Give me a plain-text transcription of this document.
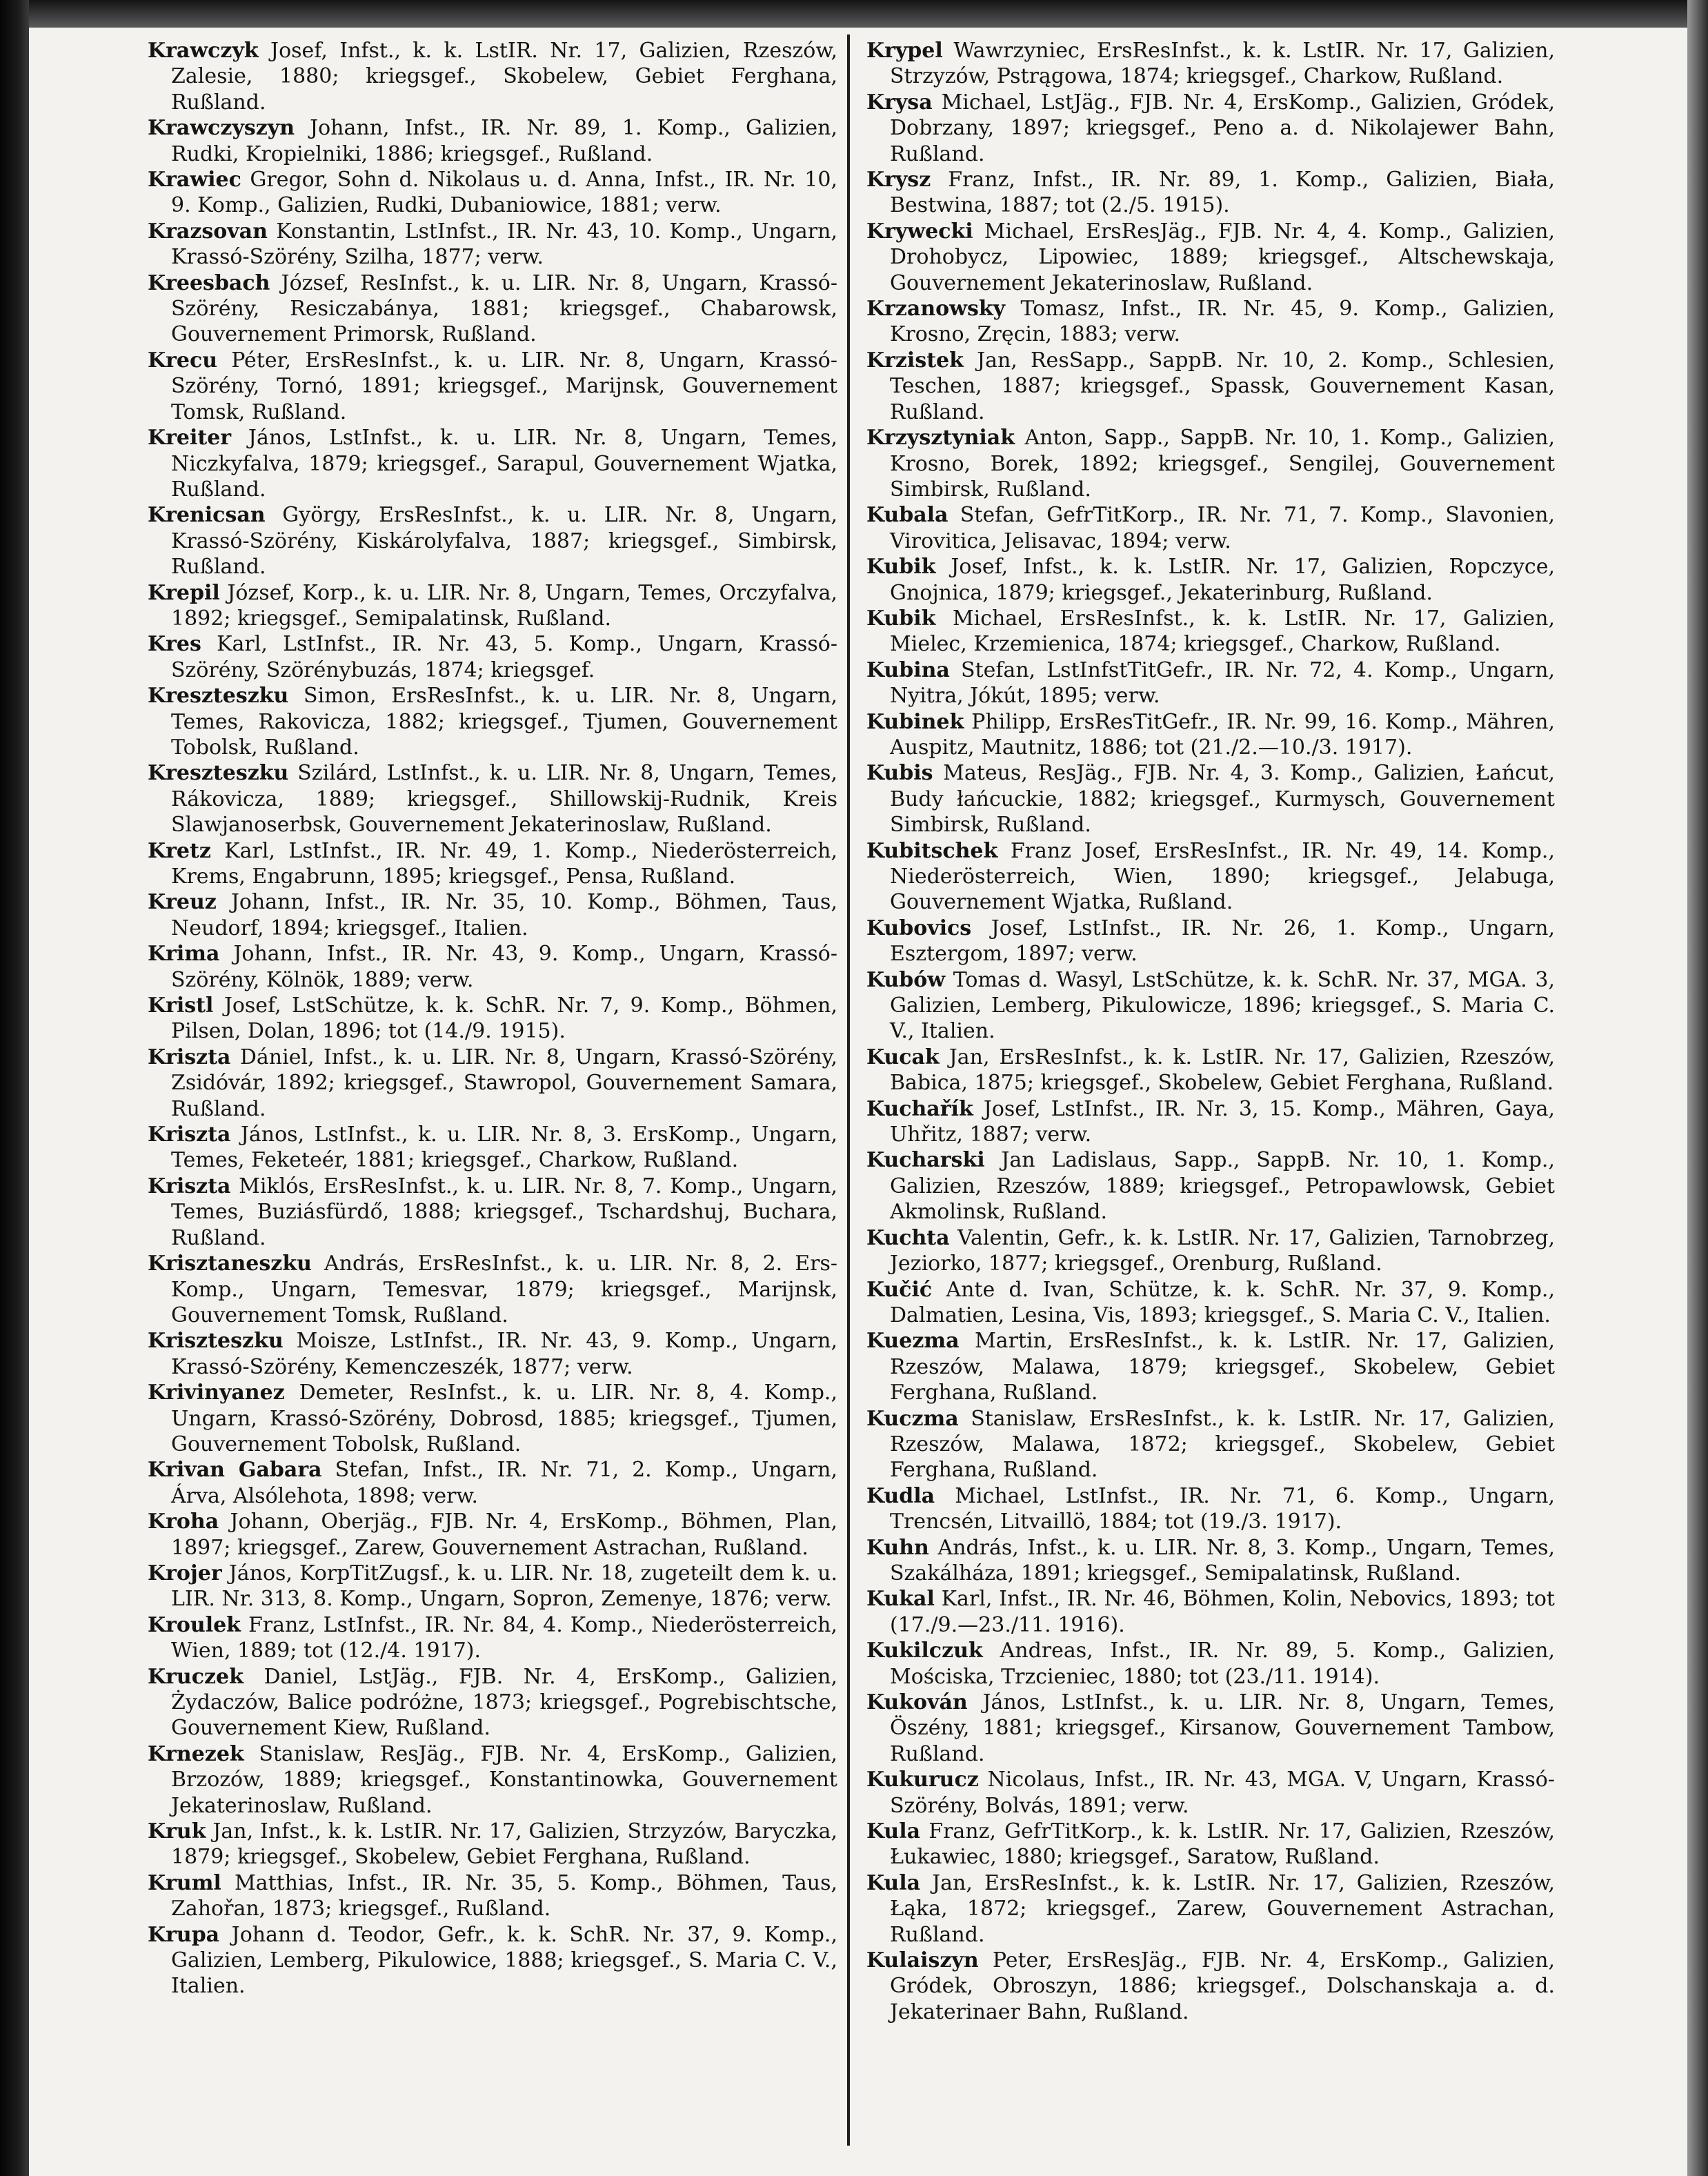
Krawczyk Josef, Infst., k. k. LstIR. Nr. 17, Galizien, Rzeszów, Zalesie, 1880; kriegsgef., Skobelew, Gebiet Ferghana, Rußland.

Krawczyszyn Johann, Infst., IR. Nr. 89, 1. Komp., Galizien, Rudki, Kropielniki, 1886; kriegsgef., Rußland.

Krawiec Gregor, Sohn d. Nikolaus u. d. Anna, Infst., IR. Nr. 10, 9. Komp., Galizien, Rudki, Dubaniowice, 1881; verw.

Krazsovan Konstantin, LstInfst., IR. Nr. 43, 10. Komp., Ungarn, Krassó-Szörény, Szilha, 1877; verw.

Kreesbach József, ResInfst., k. u. LIR. Nr. 8, Ungarn, Krassó-Szörény, Resiczabánya, 1881; kriegsgef., Chabarowsk, Gouvernement Primorsk, Rußland.

Krecu Péter, ErsResInfst., k. u. LIR. Nr. 8, Ungarn, Krassó-Szörény, Tornó, 1891; kriegsgef., Marijnsk, Gouvernement Tomsk, Rußland.

Kreiter János, LstInfst., k. u. LIR. Nr. 8, Ungarn, Temes, Niczkyfalva, 1879; kriegsgef., Sarapul, Gouvernement Wjatka, Rußland.

Krenicsan György, ErsResInfst., k. u. LIR. Nr. 8, Ungarn, Krassó-Szörény, Kiskárolyfalva, 1887; kriegsgef., Simbirsk, Rußland.

Krepil József, Korp., k. u. LIR. Nr. 8, Ungarn, Temes, Orczyfalva, 1892; kriegsgef., Semipalatinsk, Rußland.

Kres Karl, LstInfst., IR. Nr. 43, 5. Komp., Ungarn, Krassó-Szörény, Szörénybuzás, 1874; kriegsgef.

Kreszteszku Simon, ErsResInfst., k. u. LIR. Nr. 8, Ungarn, Temes, Rakovicza, 1882; kriegsgef., Tjumen, Gouvernement Tobolsk, Rußland.

Kreszteszku Szilárd, LstInfst., k. u. LIR. Nr. 8, Ungarn, Temes, Rákovicza, 1889; kriegsgef., Shillowskij-Rudnik, Kreis Slawjanoserbsk, Gouvernement Jekaterinoslaw, Rußland.

Kretz Karl, LstInfst., IR. Nr. 49, 1. Komp., Niederösterreich, Krems, Engabrunn, 1895; kriegsgef., Pensa, Rußland.

Kreuz Johann, Infst., IR. Nr. 35, 10. Komp., Böhmen, Taus, Neudorf, 1894; kriegsgef., Italien.

Krima Johann, Infst., IR. Nr. 43, 9. Komp., Ungarn, Krassó-Szörény, Kölnök, 1889; verw.

Kristl Josef, LstSchütze, k. k. SchR. Nr. 7, 9. Komp., Böhmen, Pilsen, Dolan, 1896; tot (14./9. 1915).

Kriszta Dániel, Infst., k. u. LIR. Nr. 8, Ungarn, Krassó-Szörény, Zsidóvár, 1892; kriegsgef., Stawropol, Gouvernement Samara, Rußland.

Kriszta János, LstInfst., k. u. LIR. Nr. 8, 3. ErsKomp., Ungarn, Temes, Feketeér, 1881; kriegsgef., Charkow, Rußland.

Kriszta Miklós, ErsResInfst., k. u. LIR. Nr. 8, 7. Komp., Ungarn, Temes, Buziásfürdő, 1888; kriegsgef., Tschardshuj, Buchara, Rußland.

Krisztaneszku András, ErsResInfst., k. u. LIR. Nr. 8, 2. Ers-Komp., Ungarn, Temesvar, 1879; kriegsgef., Marijnsk, Gouvernement Tomsk, Rußland.

Kriszteszku Moisze, LstInfst., IR. Nr. 43, 9. Komp., Ungarn, Krassó-Szörény, Kemenczeszék, 1877; verw.

Krivinyanez Demeter, ResInfst., k. u. LIR. Nr. 8, 4. Komp., Ungarn, Krassó-Szörény, Dobrosd, 1885; kriegsgef., Tjumen, Gouvernement Tobolsk, Rußland.

Krivan Gabara Stefan, Infst., IR. Nr. 71, 2. Komp., Ungarn, Árva, Alsólehota, 1898; verw.

Kroha Johann, Oberjäg., FJB. Nr. 4, ErsKomp., Böhmen, Plan, 1897; kriegsgef., Zarew, Gouvernement Astrachan, Rußland.

Krojer János, KorpTitZugsf., k. u. LIR. Nr. 18, zugeteilt dem k. u. LIR. Nr. 313, 8. Komp., Ungarn, Sopron, Zemenye, 1876; verw.

Kroulek Franz, LstInfst., IR. Nr. 84, 4. Komp., Niederösterreich, Wien, 1889; tot (12./4. 1917).

Kruczek Daniel, LstJäg., FJB. Nr. 4, ErsKomp., Galizien, Żydaczów, Balice podróżne, 1873; kriegsgef., Pogrebischtsche, Gouvernement Kiew, Rußland.

Krnezek Stanislaw, ResJäg., FJB. Nr. 4, ErsKomp., Galizien, Brzozów, 1889; kriegsgef., Konstantinowka, Gouvernement Jekaterinoslaw, Rußland.

Kruk Jan, Infst., k. k. LstIR. Nr. 17, Galizien, Strzyzów, Baryczka, 1879; kriegsgef., Skobelew, Gebiet Ferghana, Rußland.

Kruml Matthias, Infst., IR. Nr. 35, 5. Komp., Böhmen, Taus, Zahořan, 1873; kriegsgef., Rußland.

Krupa Johann d. Teodor, Gefr., k. k. SchR. Nr. 37, 9. Komp., Galizien, Lemberg, Pikulowice, 1888; kriegsgef., S. Maria C. V., Italien.

Krypel Wawrzyniec, ErsResInfst., k. k. LstIR. Nr. 17, Galizien, Strzyzów, Pstrągowa, 1874; kriegsgef., Charkow, Rußland.

Krysa Michael, LstJäg., FJB. Nr. 4, ErsKomp., Galizien, Gródek, Dobrzany, 1897; kriegsgef., Peno a. d. Nikolajewer Bahn, Rußland.

Krysz Franz, Infst., IR. Nr. 89, 1. Komp., Galizien, Biała, Bestwina, 1887; tot (2./5. 1915).

Krywecki Michael, ErsResJäg., FJB. Nr. 4, 4. Komp., Galizien, Drohobycz, Lipowiec, 1889; kriegsgef., Altschewskaja, Gouvernement Jekaterinoslaw, Rußland.

Krzanowsky Tomasz, Infst., IR. Nr. 45, 9. Komp., Galizien, Krosno, Zręcin, 1883; verw.

Krzistek Jan, ResSapp., SappB. Nr. 10, 2. Komp., Schlesien, Teschen, 1887; kriegsgef., Spassk, Gouvernement Kasan, Rußland.

Krzysztyniak Anton, Sapp., SappB. Nr. 10, 1. Komp., Galizien, Krosno, Borek, 1892; kriegsgef., Sengilej, Gouvernement Simbirsk, Rußland.

Kubala Stefan, GefrTitKorp., IR. Nr. 71, 7. Komp., Slavonien, Virovitica, Jelisavac, 1894; verw.

Kubik Josef, Infst., k. k. LstIR. Nr. 17, Galizien, Ropczyce, Gnojnica, 1879; kriegsgef., Jekaterinburg, Rußland.

Kubik Michael, ErsResInfst., k. k. LstIR. Nr. 17, Galizien, Mielec, Krzemienica, 1874; kriegsgef., Charkow, Rußland.

Kubina Stefan, LstInfstTitGefr., IR. Nr. 72, 4. Komp., Ungarn, Nyitra, Jókút, 1895; verw.

Kubinek Philipp, ErsResTitGefr., IR. Nr. 99, 16. Komp., Mähren, Auspitz, Mautnitz, 1886; tot (21./2.—10./3. 1917).

Kubis Mateus, ResJäg., FJB. Nr. 4, 3. Komp., Galizien, Łańcut, Budy łańcuckie, 1882; kriegsgef., Kurmysch, Gouvernement Simbirsk, Rußland.

Kubitschek Franz Josef, ErsResInfst., IR. Nr. 49, 14. Komp., Niederösterreich, Wien, 1890; kriegsgef., Jelabuga, Gouvernement Wjatka, Rußland.

Kubovics Josef, LstInfst., IR. Nr. 26, 1. Komp., Ungarn, Esztergom, 1897; verw.

Kubów Tomas d. Wasyl, LstSchütze, k. k. SchR. Nr. 37, MGA. 3, Galizien, Lemberg, Pikulowicze, 1896; kriegsgef., S. Maria C. V., Italien.

Kucak Jan, ErsResInfst., k. k. LstIR. Nr. 17, Galizien, Rzeszów, Babica, 1875; kriegsgef., Skobelew, Gebiet Ferghana, Rußland.

Kuchařík Josef, LstInfst., IR. Nr. 3, 15. Komp., Mähren, Gaya, Uhřitz, 1887; verw.

Kucharski Jan Ladislaus, Sapp., SappB. Nr. 10, 1. Komp., Galizien, Rzeszów, 1889; kriegsgef., Petropawlowsk, Gebiet Akmolinsk, Rußland.

Kuchta Valentin, Gefr., k. k. LstIR. Nr. 17, Galizien, Tarnobrzeg, Jeziorko, 1877; kriegsgef., Orenburg, Rußland.

Kučić Ante d. Ivan, Schütze, k. k. SchR. Nr. 37, 9. Komp., Dalmatien, Lesina, Vis, 1893; kriegsgef., S. Maria C. V., Italien.

Kuezma Martin, ErsResInfst., k. k. LstIR. Nr. 17, Galizien, Rzeszów, Malawa, 1879; kriegsgef., Skobelew, Gebiet Ferghana, Rußland.

Kuczma Stanislaw, ErsResInfst., k. k. LstIR. Nr. 17, Galizien, Rzeszów, Malawa, 1872; kriegsgef., Skobelew, Gebiet Ferghana, Rußland.

Kudla Michael, LstInfst., IR. Nr. 71, 6. Komp., Ungarn, Trencsén, Litvaillö, 1884; tot (19./3. 1917).

Kuhn András, Infst., k. u. LIR. Nr. 8, 3. Komp., Ungarn, Temes, Szakálháza, 1891; kriegsgef., Semipalatinsk, Rußland.

Kukal Karl, Infst., IR. Nr. 46, Böhmen, Kolin, Nebovics, 1893; tot (17./9.—23./11. 1916).

Kukilczuk Andreas, Infst., IR. Nr. 89, 5. Komp., Galizien, Mościska, Trzcieniec, 1880; tot (23./11. 1914).

Kukován János, LstInfst., k. u. LIR. Nr. 8, Ungarn, Temes, Öszény, 1881; kriegsgef., Kirsanow, Gouvernement Tambow, Rußland.

Kukurucz Nicolaus, Infst., IR. Nr. 43, MGA. V, Ungarn, Krassó-Szörény, Bolvás, 1891; verw.

Kula Franz, GefrTitKorp., k. k. LstIR. Nr. 17, Galizien, Rzeszów, Łukawiec, 1880; kriegsgef., Saratow, Rußland.

Kula Jan, ErsResInfst., k. k. LstIR. Nr. 17, Galizien, Rzeszów, Łąka, 1872; kriegsgef., Zarew, Gouvernement Astrachan, Rußland.

Kulaiszyn Peter, ErsResJäg., FJB. Nr. 4, ErsKomp., Galizien, Gródek, Obroszyn, 1886; kriegsgef., Dolschanskaja a. d. Jekaterinaer Bahn, Rußland.
